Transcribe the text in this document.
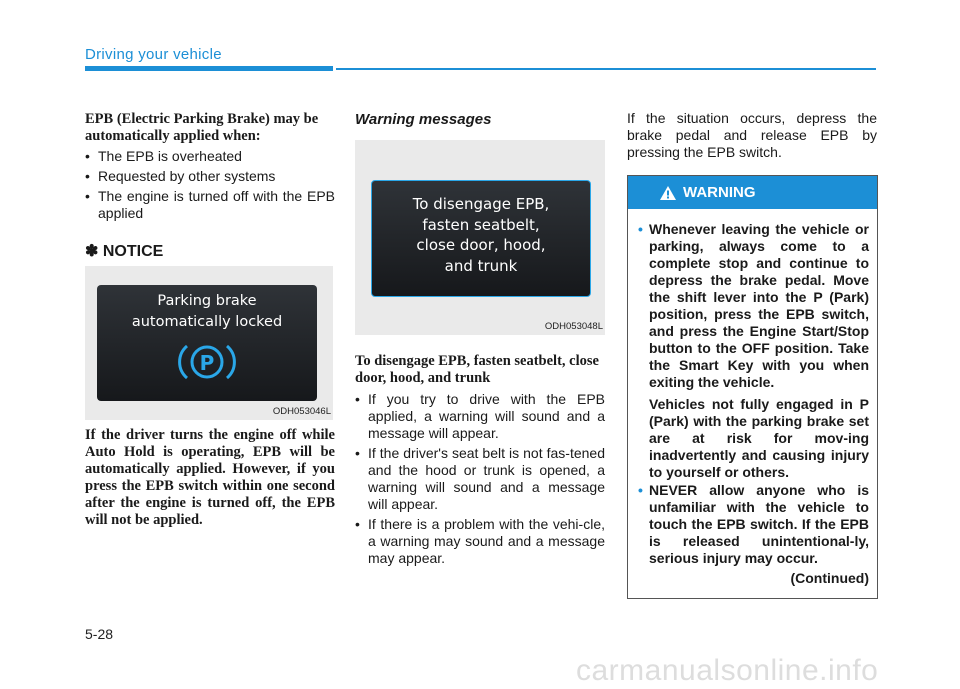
Driving your vehicle
EPB (Electric Parking Brake) may be automatically applied when:
• The EPB is overheated
• Requested by other systems
• The engine is turned off with the EPB applied
✽ NOTICE
Parking brake
automatically locked
P
ODH053046L
If the driver turns the engine off while Auto Hold is operating, EPB will be automatically applied. However, if you press the EPB switch within one second after the engine is turned off, the EPB will not be applied.
Warning messages
To disengage EPB,
fasten seatbelt,
close door, hood,
and trunk
ODH053048L
To disengage EPB, fasten seatbelt, close door, hood, and trunk
• If you try to drive with the EPB applied, a warning will sound and a message will appear.
• If the driver's seat belt is not fas-tened and the hood or trunk is opened, a warning will sound and a message will appear.
• If there is a problem with the vehi-cle, a warning may sound and a message may appear.
If the situation occurs, depress the brake pedal and release EPB by pressing the EPB switch.
WARNING
• Whenever leaving the vehicle or parking, always come to a complete stop and continue to depress the brake pedal. Move the shift lever into the P (Park) position, press the EPB switch, and press the Engine Start/Stop button to the OFF position. Take the Smart Key with you when exiting the vehicle.
Vehicles not fully engaged in P (Park) with the parking brake set are at risk for mov-ing inadvertently and causing injury to yourself or others.
• NEVER allow anyone who is unfamiliar with the vehicle to touch the EPB switch. If the EPB is released unintentional-ly, serious injury may occur.
(Continued)
5-28
carmanualsonline.info
